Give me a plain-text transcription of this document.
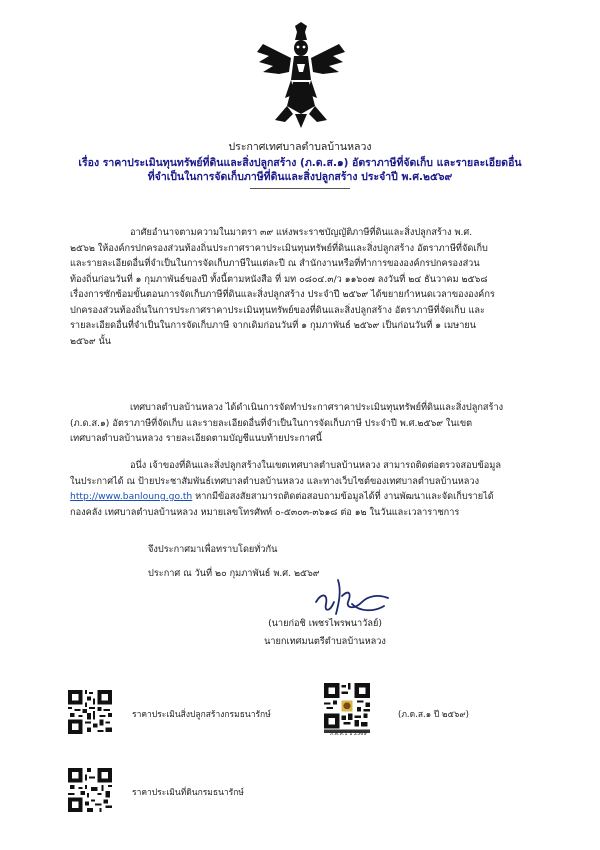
ประกาศเทศบาลตำบลบ้านหลวง
เรื่อง ราคาประเมินทุนทรัพย์ที่ดินและสิ่งปลูกสร้าง (ภ.ด.ส.๑) อัตราภาษีที่จัดเก็บ และรายละเอียดอื่น
ที่จำเป็นในการจัดเก็บภาษีที่ดินและสิ่งปลูกสร้าง ประจำปี พ.ศ.๒๕๖๙
อาศัยอำนาจตามความในมาตรา ๓๙ แห่งพระราชบัญญัติภาษีที่ดินและสิ่งปลูกสร้าง พ.ศ.
๒๕๖๒ ให้องค์กรปกครองส่วนท้องถิ่นประกาศราคาประเมินทุนทรัพย์ที่ดินและสิ่งปลูกสร้าง อัตราภาษีที่จัดเก็บ
และรายละเอียดอื่นที่จำเป็นในการจัดเก็บภาษีในแต่ละปี ณ สำนักงานหรือที่ทำการขององค์กรปกครองส่วน
ท้องถิ่นก่อนวันที่ ๑ กุมภาพันธ์ของปี ทั้งนี้ตามหนังสือ ที่ มท ๐๘๐๔.๓/ว ๑๑๖๐๗ ลงวันที่ ๒๔ ธันวาคม ๒๕๖๘
เรื่องการซักซ้อมขั้นตอนการจัดเก็บภาษีที่ดินและสิ่งปลูกสร้าง ประจำปี ๒๕๖๙ ได้ขยายกำหนดเวลาขององค์กร
ปกครองส่วนท้องถิ่นในการประกาศราคาประเมินทุนทรัพย์ของที่ดินและสิ่งปลูกสร้าง อัตราภาษีที่จัดเก็บ และ
รายละเอียดอื่นที่จำเป็นในการจัดเก็บภาษี จากเดิมก่อนวันที่ ๑ กุมภาพันธ์ ๒๕๖๙ เป็นก่อนวันที่ ๑ เมษายน
๒๕๖๙ นั้น
เทศบาลตำบลบ้านหลวง ได้ดำเนินการจัดทำประกาศราคาประเมินทุนทรัพย์ที่ดินและสิ่งปลูกสร้าง
(ภ.ด.ส.๑) อัตราภาษีที่จัดเก็บ และรายละเอียดอื่นที่จำเป็นในการจัดเก็บภาษี ประจำปี พ.ศ.๒๕๖๙ ในเขต
เทศบาลตำบลบ้านหลวง รายละเอียดตามบัญชีแนบท้ายประกาศนี้
อนึ่ง เจ้าของที่ดินและสิ่งปลูกสร้างในเขตเทศบาลตำบลบ้านหลวง สามารถติดต่อตรวจสอบข้อมูล
ในประกาศได้ ณ ป้ายประชาสัมพันธ์เทศบาลตำบลบ้านหลวง และทางเว็บไซต์ของเทศบาลตำบลบ้านหลวง
http://www.banloung.go.th หากมีข้อสงสัยสามารถติดต่อสอบถามข้อมูลได้ที่ งานพัฒนาและจัดเก็บรายได้
กองคลัง เทศบาลตำบลบ้านหลวง หมายเลขโทรศัพท์ ๐-๕๓๐๓-๓๖๑๘ ต่อ ๑๒ ในวันและเวลาราชการ
จึงประกาศมาเพื่อทราบโดยทั่วกัน
ประกาศ ณ วันที่ ๒๐ กุมภาพันธ์ พ.ศ. ๒๕๖๙
(นายก่อชิ เพชรไพรพนาวัลย์)
นายกเทศมนตรีตำบลบ้านหลวง
ราคาประเมินสิ่งปลูกสร้างกรมธนารักษ์
ภ.ด.ส.1 ปี 2569
(ภ.ด.ส.๑ ปี ๒๕๖๙)
ราคาประเมินที่ดินกรมธนารักษ์
